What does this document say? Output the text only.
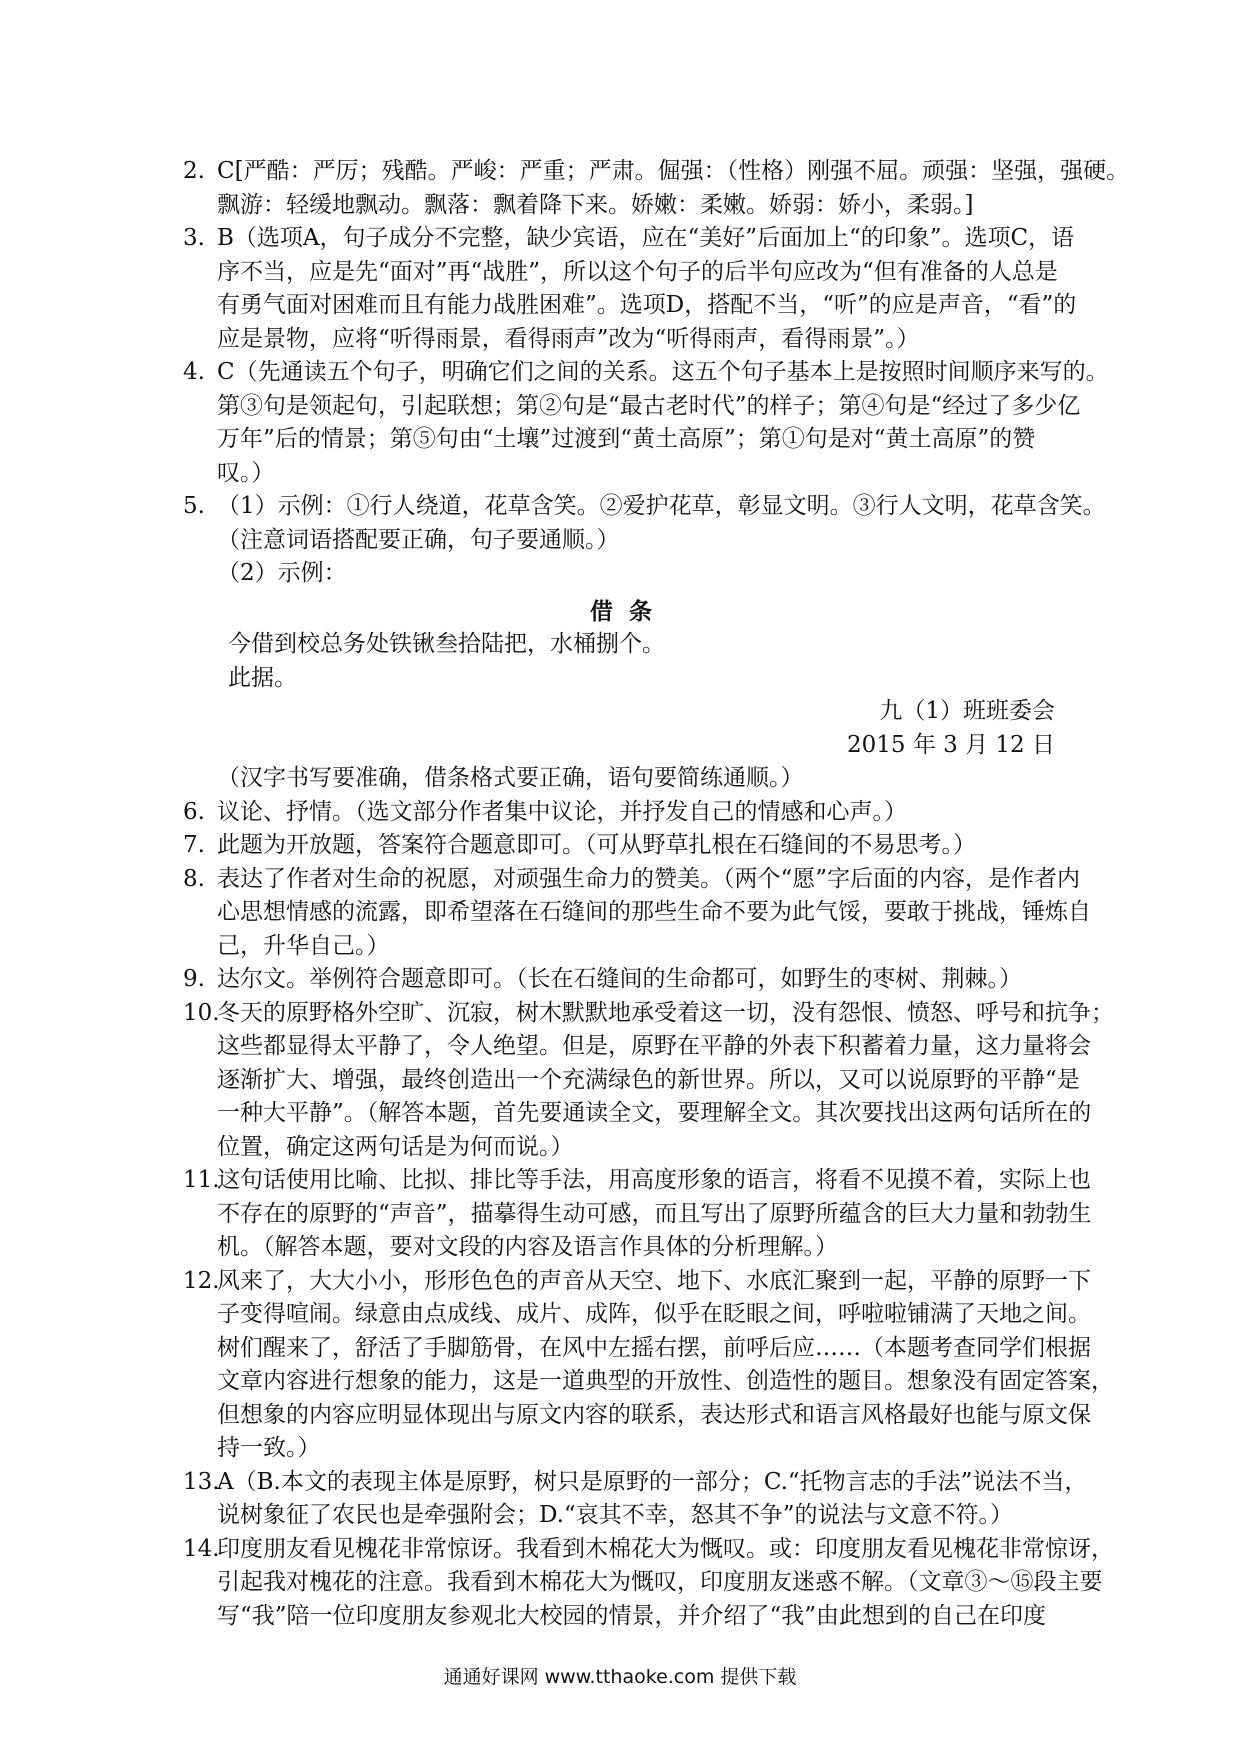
2. C[严酷：严厉；残酷。严峻：严重；严肃。倔强：（性格）刚强不屈。顽强：坚强，强硬。
飘游：轻缓地飘动。飘落：飘着降下来。娇嫩：柔嫩。娇弱：娇小，柔弱。]
3. B（选项A，句子成分不完整，缺少宾语，应在“美好”后面加上“的印象”。选项C，语
序不当，应是先“面对”再“战胜”，所以这个句子的后半句应改为“但有准备的人总是
有勇气面对困难而且有能力战胜困难”。选项D，搭配不当，“听”的应是声音，“看”的
应是景物，应将“听得雨景，看得雨声”改为“听得雨声，看得雨景”。）
4. C（先通读五个句子，明确它们之间的关系。这五个句子基本上是按照时间顺序来写的。
第③句是领起句，引起联想；第②句是“最古老时代”的样子；第④句是“经过了多少亿
万年”后的情景；第⑤句由“土壤”过渡到“黄土高原”；第①句是对“黄土高原”的赞
叹。）
5. （1）示例：①行人绕道，花草含笑。②爱护花草，彰显文明。③行人文明，花草含笑。
（注意词语搭配要正确，句子要通顺。）
（2）示例：
借条
今借到校总务处铁锹叁拾陆把，水桶捌个。
此据。
九（1）班班委会
2015 年 3 月 12 日
（汉字书写要准确，借条格式要正确，语句要简练通顺。）
6. 议论、抒情。（选文部分作者集中议论，并抒发自己的情感和心声。）
7. 此题为开放题，答案符合题意即可。（可从野草扎根在石缝间的不易思考。）
8. 表达了作者对生命的祝愿，对顽强生命力的赞美。（两个“愿”字后面的内容，是作者内
心思想情感的流露，即希望落在石缝间的那些生命不要为此气馁，要敢于挑战，锤炼自
己，升华自己。）
9. 达尔文。举例符合题意即可。（长在石缝间的生命都可，如野生的枣树、荆棘。）
10.
冬天的原野格外空旷、沉寂，树木默默地承受着这一切，没有怨恨、愤怒、呼号和抗争；
这些都显得太平静了，令人绝望。但是，原野在平静的外表下积蓄着力量，这力量将会
逐渐扩大、增强，最终创造出一个充满绿色的新世界。所以，又可以说原野的平静“是
一种大平静”。（解答本题，首先要通读全文，要理解全文。其次要找出这两句话所在的
位置，确定这两句话是为何而说。）
11.
这句话使用比喻、比拟、排比等手法，用高度形象的语言，将看不见摸不着，实际上也
不存在的原野的“声音”，描摹得生动可感，而且写出了原野所蕴含的巨大力量和勃勃生
机。（解答本题，要对文段的内容及语言作具体的分析理解。）
12.
风来了，大大小小，形形色色的声音从天空、地下、水底汇聚到一起，平静的原野一下
子变得喧闹。绿意由点成线、成片、成阵，似乎在眨眼之间，呼啦啦铺满了天地之间。
树们醒来了，舒活了手脚筋骨，在风中左摇右摆，前呼后应……（本题考查同学们根据
文章内容进行想象的能力，这是一道典型的开放性、创造性的题目。想象没有固定答案，
但想象的内容应明显体现出与原文内容的联系，表达形式和语言风格最好也能与原文保
持一致。）
13.
A（B.本文的表现主体是原野，树只是原野的一部分；C.“托物言志的手法”说法不当，
说树象征了农民也是牵强附会；D.“哀其不幸，怒其不争”的说法与文意不符。）
14.
印度朋友看见槐花非常惊讶。我看到木棉花大为慨叹。或：印度朋友看见槐花非常惊讶，
引起我对槐花的注意。我看到木棉花大为慨叹，印度朋友迷惑不解。（文章③～⑮段主要
写“我”陪一位印度朋友参观北大校园的情景，并介绍了“我”由此想到的自己在印度
通通好课网 www.tthaoke.com 提供下载
